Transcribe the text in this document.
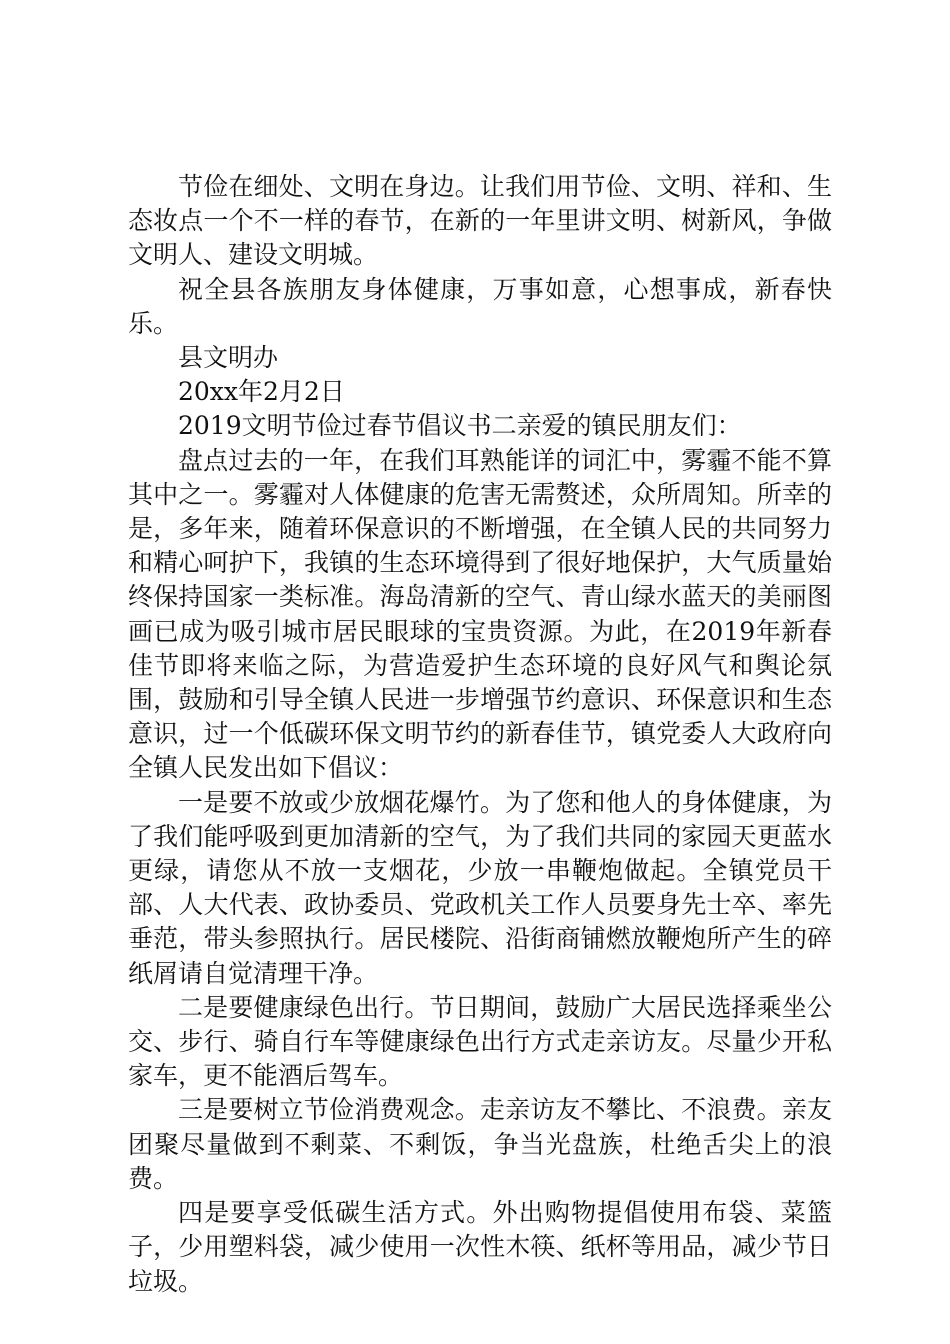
节俭在细处、文明在身边。让我们用节俭、文明、祥和、生态妆点一个不一样的春节，在新的一年里讲文明、树新风，争做文明人、建设文明城。

祝全县各族朋友身体健康，万事如意，心想事成，新春快乐。

县文明办

20xx年2月2日

2019文明节俭过春节倡议书二亲爱的镇民朋友们：

盘点过去的一年，在我们耳熟能详的词汇中，雾霾不能不算其中之一。雾霾对人体健康的危害无需赘述，众所周知。所幸的是，多年来，随着环保意识的不断增强，在全镇人民的共同努力和精心呵护下，我镇的生态环境得到了很好地保护，大气质量始终保持国家一类标准。海岛清新的空气、青山绿水蓝天的美丽图画已成为吸引城市居民眼球的宝贵资源。为此，在2019年新春佳节即将来临之际，为营造爱护生态环境的良好风气和舆论氛围，鼓励和引导全镇人民进一步增强节约意识、环保意识和生态意识，过一个低碳环保文明节约的新春佳节，镇党委人大政府向全镇人民发出如下倡议：

一是要不放或少放烟花爆竹。为了您和他人的身体健康，为了我们能呼吸到更加清新的空气，为了我们共同的家园天更蓝水更绿，请您从不放一支烟花，少放一串鞭炮做起。全镇党员干部、人大代表、政协委员、党政机关工作人员要身先士卒、率先垂范，带头参照执行。居民楼院、沿街商铺燃放鞭炮所产生的碎纸屑请自觉清理干净。

二是要健康绿色出行。节日期间，鼓励广大居民选择乘坐公交、步行、骑自行车等健康绿色出行方式走亲访友。尽量少开私家车，更不能酒后驾车。

三是要树立节俭消费观念。走亲访友不攀比、不浪费。亲友团聚尽量做到不剩菜、不剩饭，争当光盘族，杜绝舌尖上的浪费。

四是要享受低碳生活方式。外出购物提倡使用布袋、菜篮子，少用塑料袋，减少使用一次性木筷、纸杯等用品，减少节日垃圾。
